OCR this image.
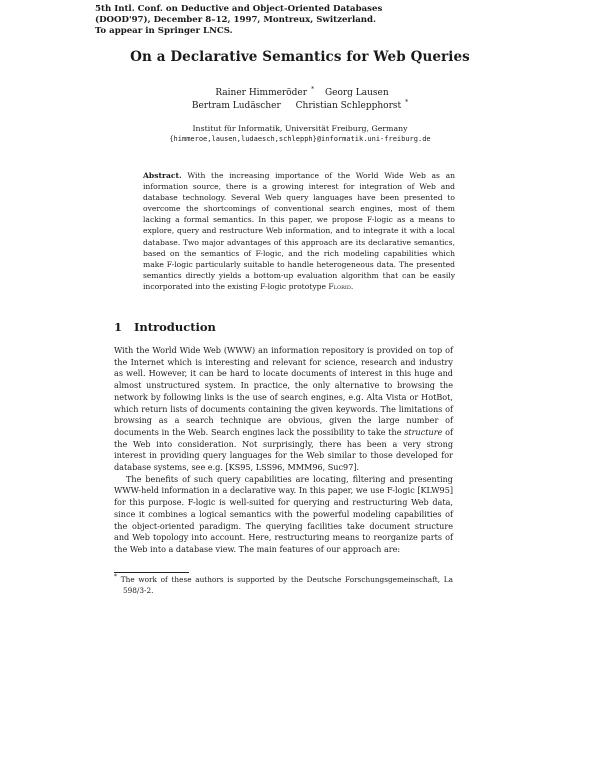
5th Intl. Conf. on Deductive and Object-Oriented Databases
(DOOD'97), December 8–12, 1997, Montreux, Switzerland.
To appear in Springer LNCS.
On a Declarative Semantics for Web Queries
Rainer Himmeröder * Georg Lausen
Bertram Ludäscher Christian Schlepphorst *
Institut für Informatik, Universität Freiburg, Germany
{himmeroe,lausen,ludaesch,schlepph}@informatik.uni-freiburg.de
Abstract. With the increasing importance of the World Wide Web as an information source, there is a growing interest for integration of Web and database technology. Several Web query languages have been presented to overcome the shortcomings of conventional search engines, most of them lacking a formal semantics. In this paper, we propose F-logic as a means to explore, query and restructure Web information, and to integrate it with a local database. Two major advantages of this approach are its declarative semantics, based on the semantics of F-logic, and the rich modeling capabilities which make F-logic particularly suitable to handle heterogeneous data. The presented semantics directly yields a bottom-up evaluation algorithm that can be easily incorporated into the existing F-logic prototype Florid.
1 Introduction

With the World Wide Web (WWW) an information repository is provided on top of the Internet which is interesting and relevant for science, research and industry as well. However, it can be hard to locate documents of interest in this huge and almost unstructured system. In practice, the only alternative to browsing the network by following links is the use of search engines, e.g. Alta Vista or HotBot, which return lists of documents containing the given keywords. The limitations of browsing as a search technique are obvious, given the large number of documents in the Web. Search engines lack the possibility to take the structure of the Web into consideration. Not surprisingly, there has been a very strong interest in providing query languages for the Web similar to those developed for database systems, see e.g. [KS95, LSS96, MMM96, Suc97].

The benefits of such query capabilities are locating, filtering and presenting WWW-held information in a declarative way. In this paper, we use F-logic [KLW95] for this purpose. F-logic is well-suited for querying and restructuring Web data, since it combines a logical semantics with the powerful modeling capabilities of the object-oriented paradigm. The querying facilities take document structure and Web topology into account. Here, restructuring means to reorganize parts of the Web into a database view. The main features of our approach are:

* The work of these authors is supported by the Deutsche Forschungsgemeinschaft, La 598/3-2.
